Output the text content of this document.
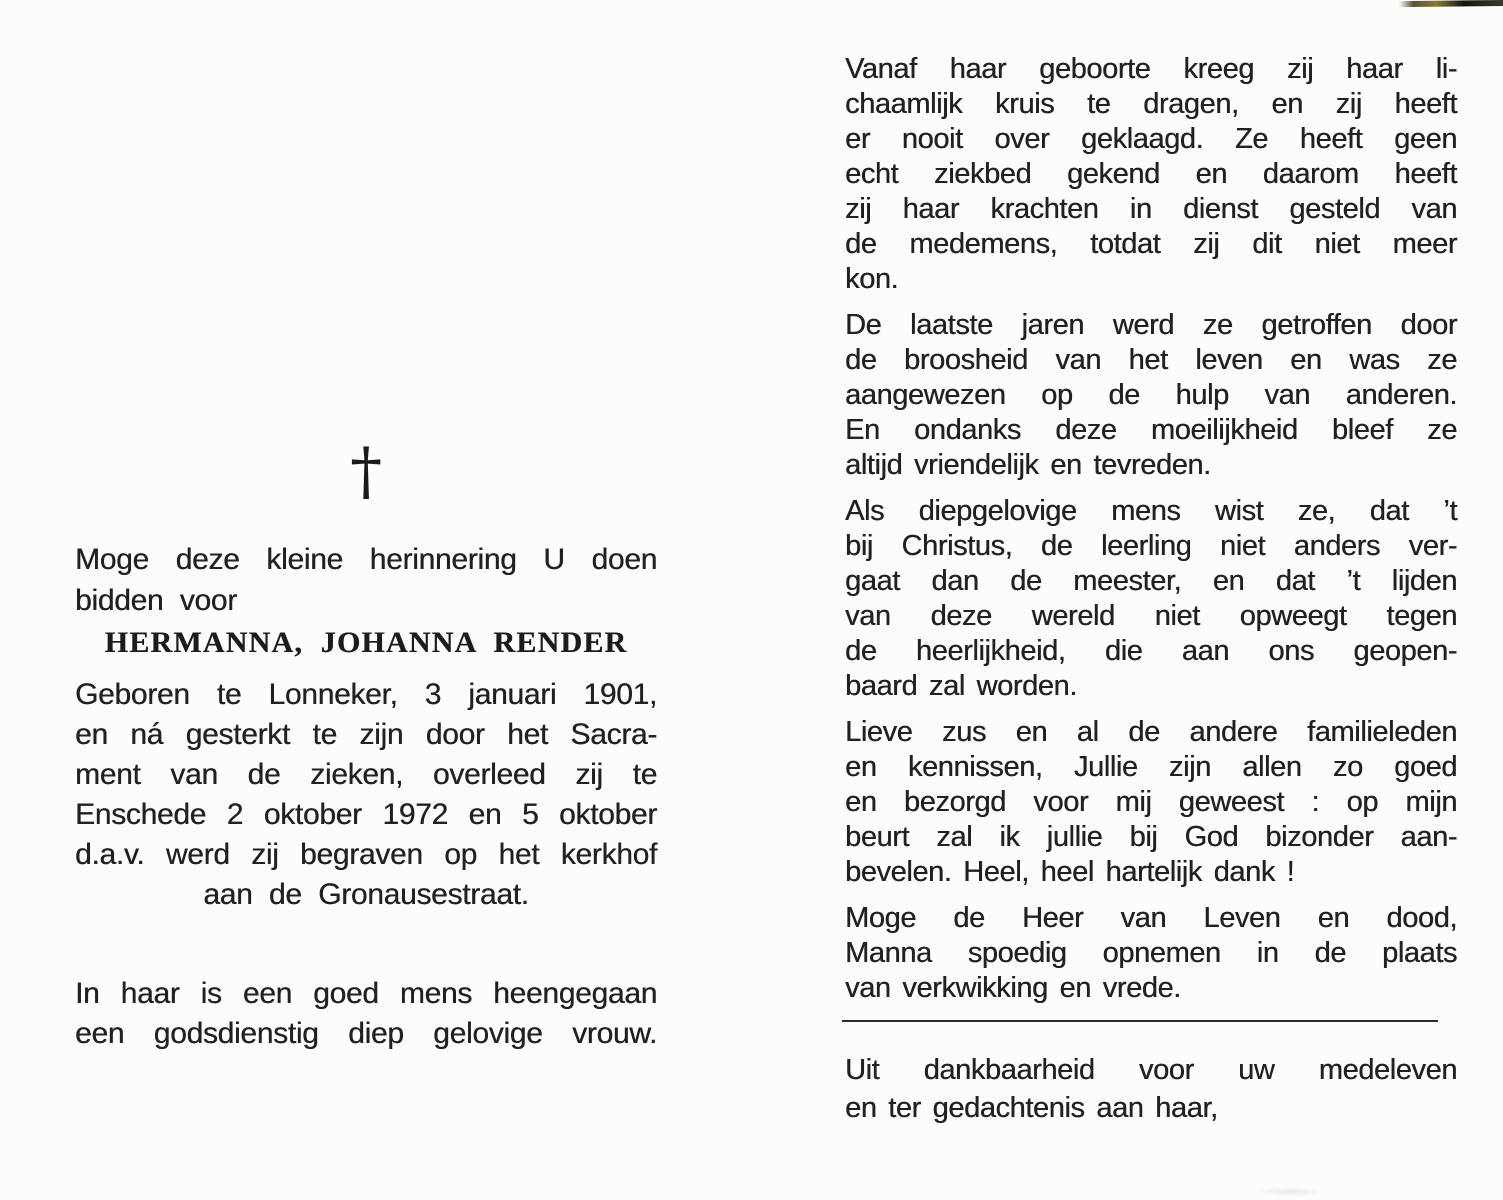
†
Moge deze kleine herinnering U doen
bidden voor
HERMANNA, JOHANNA RENDER
Geboren te Lonneker, 3 januari 1901,
en ná gesterkt te zijn door het Sacra-
ment van de zieken, overleed zij te
Enschede 2 oktober 1972 en 5 oktober
d.a.v. werd zij begraven op het kerkhof
aan de Gronausestraat.
In haar is een goed mens heengegaan
een godsdienstig diep gelovige vrouw.
Vanaf haar geboorte kreeg zij haar li-
chaamlijk kruis te dragen, en zij heeft
er nooit over geklaagd. Ze heeft geen
echt ziekbed gekend en daarom heeft
zij haar krachten in dienst gesteld van
de medemens, totdat zij dit niet meer
kon.
De laatste jaren werd ze getroffen door
de broosheid van het leven en was ze
aangewezen op de hulp van anderen.
En ondanks deze moeilijkheid bleef ze
altijd vriendelijk en tevreden.
Als diepgelovige mens wist ze, dat ’t
bij Christus, de leerling niet anders ver-
gaat dan de meester, en dat ’t lijden
van deze wereld niet opweegt tegen
de heerlijkheid, die aan ons geopen-
baard zal worden.
Lieve zus en al de andere familieleden
en kennissen, Jullie zijn allen zo goed
en bezorgd voor mij geweest : op mijn
beurt zal ik jullie bij God bizonder aan-
bevelen. Heel, heel hartelijk dank !
Moge de Heer van Leven en dood,
Manna spoedig opnemen in de plaats
van verkwikking en vrede.
Uit dankbaarheid voor uw medeleven
en ter gedachtenis aan haar,
